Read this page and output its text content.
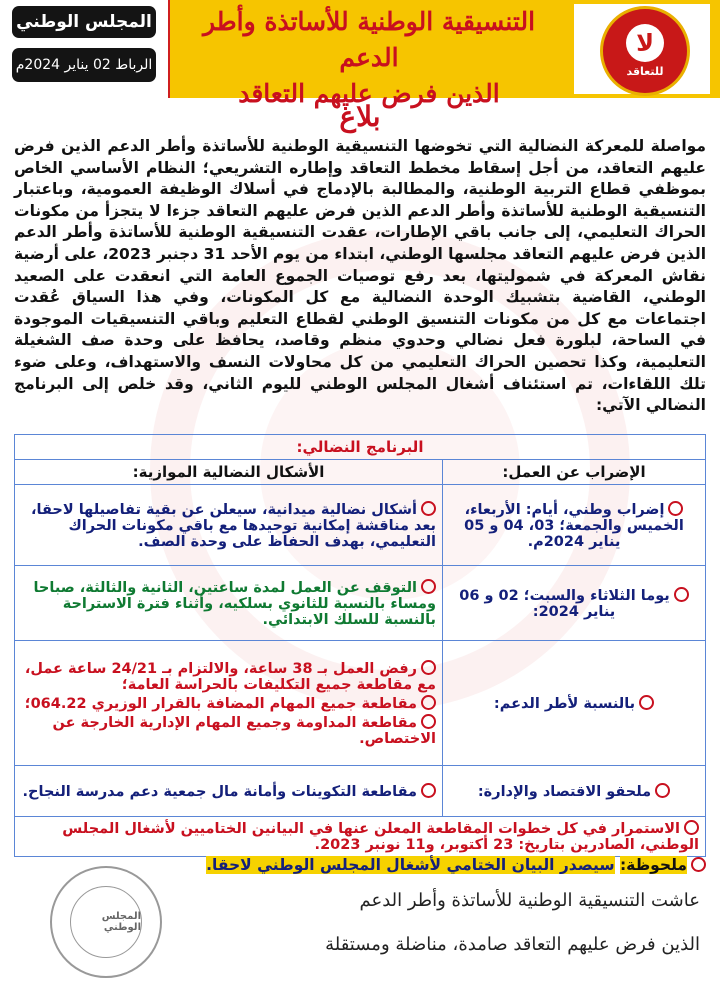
المجلس الوطني
الرباط 02 يناير 2024م
التنسيقية الوطنية للأساتذة وأطر الدعم
الذين فرض عليهم التعاقد
لا
للتعاقد
بلاغ
مواصلة للمعركة النضالية التي تخوضها التنسيقية الوطنية للأساتذة وأطر الدعم الذين فرض عليهم التعاقد، من أجل إسقاط مخطط التعاقد وإطاره التشريعي؛ النظام الأساسي الخاص بموظفي قطاع التربية الوطنية، والمطالبة بالإدماج في أسلاك الوظيفة العمومية، وباعتبار التنسيقية الوطنية للأساتذة وأطر الدعم الذين فرض عليهم التعاقد جزءا لا يتجزأ من مكونات الحراك التعليمي، إلى جانب باقي الإطارات، عقدت التنسيقية الوطنية للأساتذة وأطر الدعم الذين فرض عليهم التعاقد مجلسها الوطني، ابتداء من يوم الأحد 31 دجنبر 2023، على أرضية نقاش المعركة في شموليتها، بعد رفع توصيات الجموع العامة التي انعقدت على الصعيد الوطني، القاضية بتشبيك الوحدة النضالية مع كل المكونات، وفي هذا السياق عُقدت اجتماعات مع كل من مكونات التنسيق الوطني لقطاع التعليم وباقي التنسيقيات الموجودة في الساحة، لبلورة فعل نضالي وحدوي منظم وقاصد، يحافظ على وحدة صف الشغيلة التعليمية، وكذا تحصين الحراك التعليمي من كل محاولات النسف والاستهداف، وعلى ضوء تلك اللقاءات، تم استئناف أشغال المجلس الوطني لليوم الثاني، وقد خلص إلى البرنامج النضالي الآتي:
البرنامج النضالي:	
الإضراب عن العمل:	الأشكال النضالية الموازية:
إضراب وطني، أيام: الأربعاء، الخميس والجمعة؛ 03، 04 و 05 يناير 2024م.	أشكال نضالية ميدانية، سيعلن عن بقية تفاصيلها لاحقا، بعد مناقشة إمكانية توحيدها مع باقي مكونات الحراك التعليمي، بهدف الحفاظ على وحدة الصف.

يوما الثلاثاء والسبت؛ 02 و 06 يناير 2024:	التوقف عن العمل لمدة ساعتين، الثانية والثالثة، صباحا ومساء بالنسبة للثانوي بسلكيه، وأثناء فترة الاستراحة بالنسبة للسلك الابتدائي.

بالنسبة لأطر الدعم:	رفض العمل بـ 38 ساعة، والالتزام بـ 24/21 ساعة عمل، مع مقاطعة جميع التكليفات بالحراسة العامة؛

مقاطعة جميع المهام المضافة بالقرار الوزيري 064.22؛

مقاطعة المداومة وجميع المهام الإدارية الخارجة عن الاختصاص.

ملحقو الاقتصاد والإدارة:	مقاطعة التكوينات وأمانة مال جمعية دعم مدرسة النجاح.

الاستمرار في كل خطوات المقاطعة المعلن عنها في البيانين الختاميين لأشغال المجلس الوطني، الصادرين بتاريخ: 23 أكتوبر، و11 نونبر 2023.	
ملحوظة: سيصدر البيان الختامي لأشغال المجلس الوطني لاحقا.
عاشت التنسيقية الوطنية للأساتذة وأطر الدعم
الذين فرض عليهم التعاقد صامدة، مناضلة ومستقلة
المجلس الوطني
